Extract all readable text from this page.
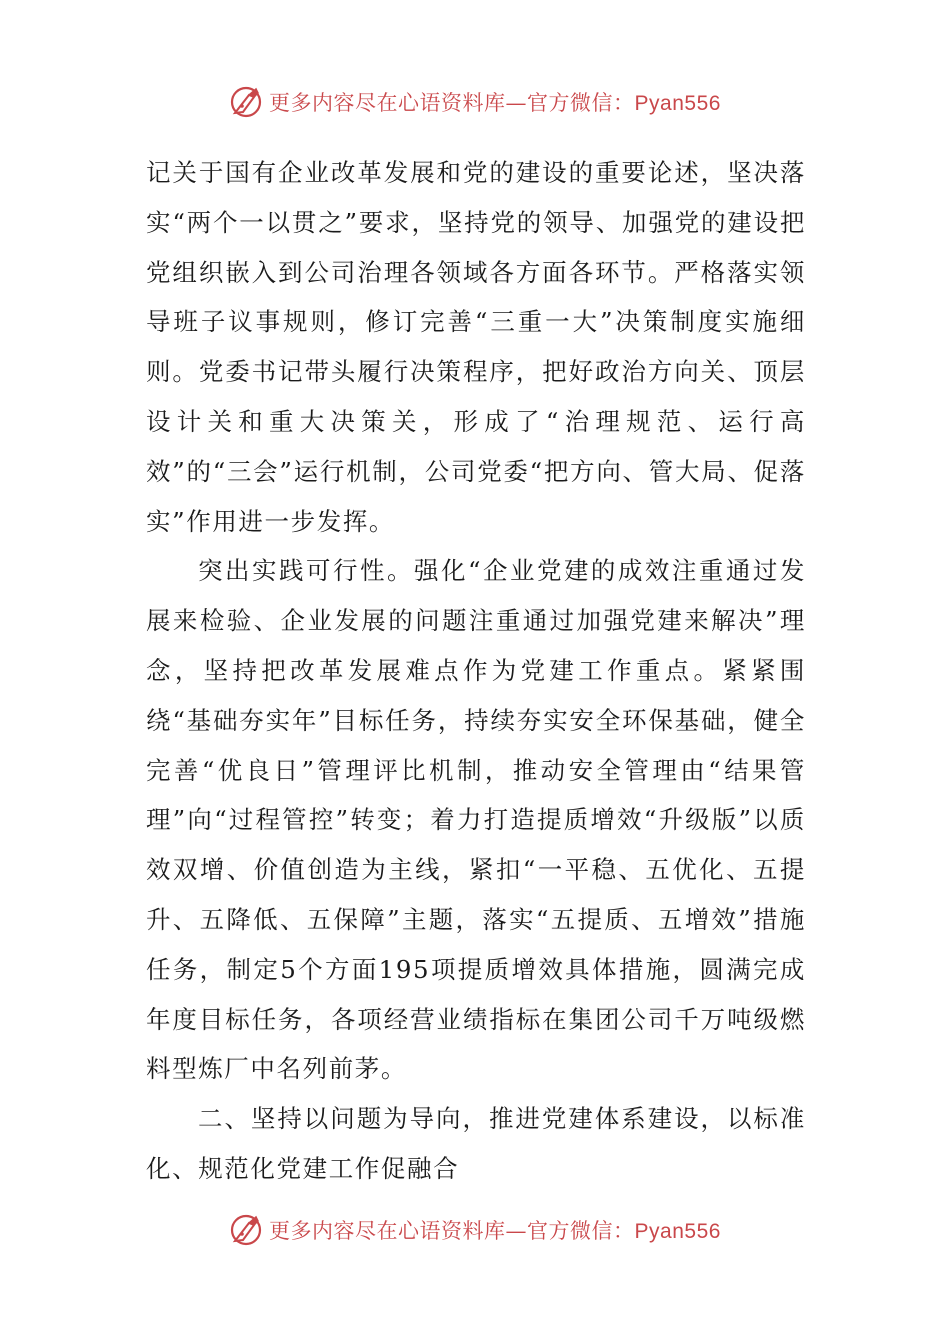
更多内容尽在心语资料库—官方微信：Pyan556

记关于国有企业改革发展和党的建设的重要论述，坚决落实“两个一以贯之”要求，坚持党的领导、加强党的建设把党组织嵌入到公司治理各领域各方面各环节。严格落实领导班子议事规则，修订完善“三重一大”决策制度实施细则。党委书记带头履行决策程序，把好政治方向关、顶层设计关和重大决策关，形成了“治理规范、运行高效”的“三会”运行机制，公司党委“把方向、管大局、促落实”作用进一步发挥。

突出实践可行性。强化“企业党建的成效注重通过发展来检验、企业发展的问题注重通过加强党建来解决”理念，坚持把改革发展难点作为党建工作重点。紧紧围绕“基础夯实年”目标任务，持续夯实安全环保基础，健全完善“优良日”管理评比机制，推动安全管理由“结果管理”向“过程管控”转变；着力打造提质增效“升级版”以质效双增、价值创造为主线，紧扣“一平稳、五优化、五提升、五降低、五保障”主题，落实“五提质、五增效”措施任务，制定5个方面195项提质增效具体措施，圆满完成年度目标任务，各项经营业绩指标在集团公司千万吨级燃料型炼厂中名列前茅。

二、坚持以问题为导向，推进党建体系建设，以标准化、规范化党建工作促融合

更多内容尽在心语资料库—官方微信：Pyan556
